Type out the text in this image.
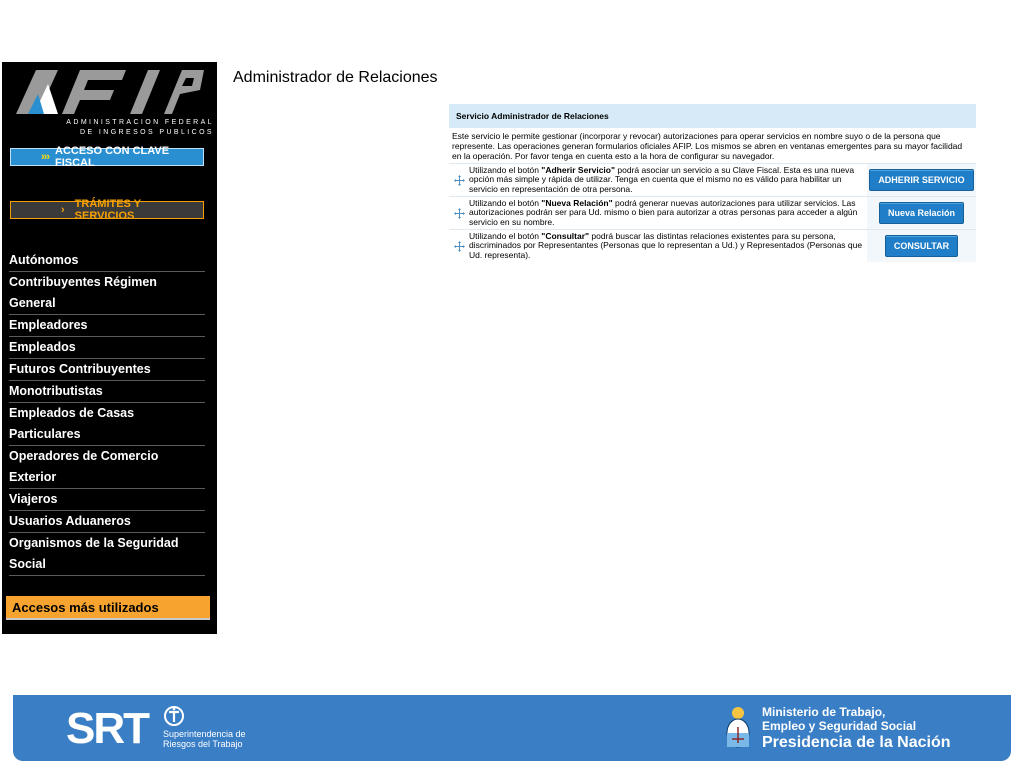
ADMINISTRACION FEDERAL
DE INGRESOS PUBLICOS
››› ACCESO CON CLAVE FISCAL
› TRÁMITES Y SERVICIOS
Autónomos
Contribuyentes Régimen General
Empleadores
Empleados
Futuros Contribuyentes
Monotributistas
Empleados de Casas Particulares
Operadores de Comercio Exterior
Viajeros
Usuarios Aduaneros
Organismos de la Seguridad Social
Accesos más utilizados
Administrador de Relaciones
Servicio Administrador de Relaciones
Este servicio le permite gestionar (incorporar y revocar) autorizaciones para operar servicios en nombre suyo o de la persona que represente. Las operaciones generan formularios oficiales AFIP. Los mismos se abren en ventanas emergentes para su mayor facilidad en la operación. Por favor tenga en cuenta esto a la hora de configurar su navegador.
Utilizando el botón "Adherir Servicio" podrá asociar un servicio a su Clave Fiscal. Esta es una nueva opción más simple y rápida de utilizar. Tenga en cuenta que el mismo no es válido para habilitar un servicio en representación de otra persona.
ADHERIR SERVICIO
Utilizando el botón "Nueva Relación" podrá generar nuevas autorizaciones para utilizar servicios. Las autorizaciones podrán ser para Ud. mismo o bien para autorizar a otras personas para acceder a algún servicio en su nombre.
Nueva Relación
Utilizando el botón "Consultar" podrá buscar las distintas relaciones existentes para su persona, discriminados por Representantes (Personas que lo representan a Ud.) y Representados (Personas que Ud. representa).
CONSULTAR
SRT Superintendencia de
Riesgos del Trabajo
Ministerio de Trabajo,
Empleo y Seguridad Social
Presidencia de la Nación
